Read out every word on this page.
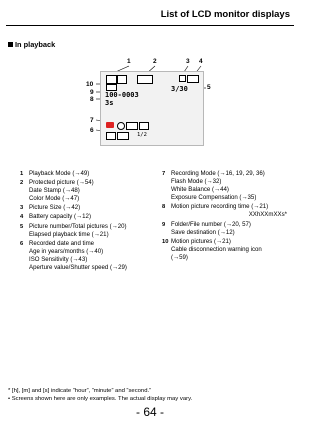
List of LCD monitor displays
In playback
1	2	3 4
5
6
7
8
9
10
100-0003
3/30
3s
1/2
1 Playback Mode (→49)
2 Protected picture (→54)
Date Stamp (→48)
Color Mode (→47)
3 Picture Size (→42)
4 Battery capacity (→12)
5 Picture number/Total pictures (→20)
Elapsed playback time (→21)
6 Recorded date and time
Age in years/months (→40)
ISO Sensitivity (→43)
Aperture value/Shutter speed (→29)
7 Recording Mode (→16, 19, 29, 36)
Flash Mode (→32)
White Balance (→44)
Exposure Compensation (→35)
8 Motion picture recording time (→21)
XXhXXmXXs*
9 Folder/File number (→20, 57)
Save destination (→12)
10 Motion pictures (→21)
Cable disconnection warning icon
(→59)
* [h], [m] and [s] indicate “hour”, “minute” and “second.”
• Screens shown here are only examples. The actual display may vary.
- 64 -
